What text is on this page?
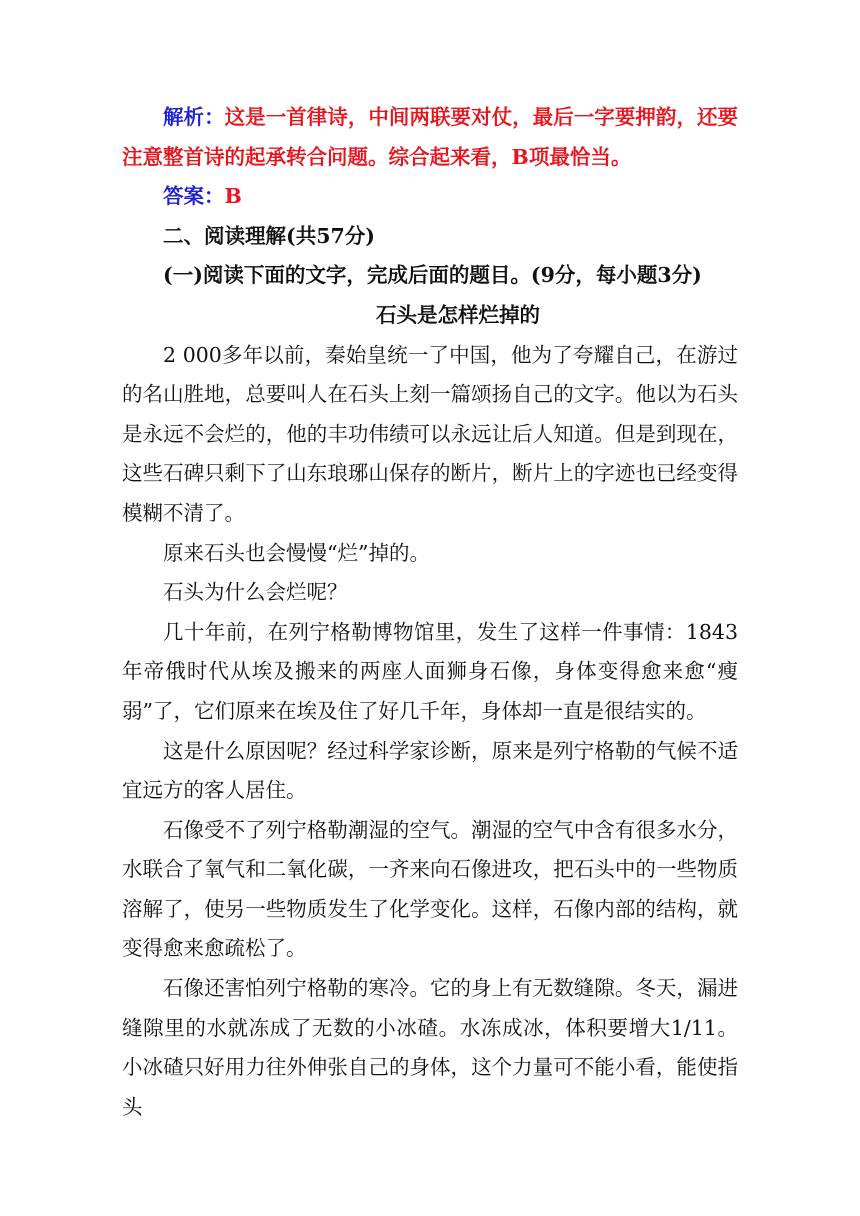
解析：这是一首律诗，中间两联要对仗，最后一字要押韵，还要注意整首诗的起承转合问题。综合起来看，B项最恰当。

答案：B

二、阅读理解(共57分)

(一)阅读下面的文字，完成后面的题目。(9分，每小题3分)

石头是怎样烂掉的

2 000多年以前，秦始皇统一了中国，他为了夸耀自己，在游过的名山胜地，总要叫人在石头上刻一篇颂扬自己的文字。他以为石头是永远不会烂的，他的丰功伟绩可以永远让后人知道。但是到现在，这些石碑只剩下了山东琅琊山保存的断片，断片上的字迹也已经变得模糊不清了。

原来石头也会慢慢“烂”掉的。

石头为什么会烂呢？

几十年前，在列宁格勒博物馆里，发生了这样一件事情：1843年帝俄时代从埃及搬来的两座人面狮身石像，身体变得愈来愈“瘦弱”了，它们原来在埃及住了好几千年，身体却一直是很结实的。

这是什么原因呢？经过科学家诊断，原来是列宁格勒的气候不适宜远方的客人居住。

石像受不了列宁格勒潮湿的空气。潮湿的空气中含有很多水分，水联合了氧气和二氧化碳，一齐来向石像进攻，把石头中的一些物质溶解了，使另一些物质发生了化学变化。这样，石像内部的结构，就变得愈来愈疏松了。

石像还害怕列宁格勒的寒冷。它的身上有无数缝隙。冬天，漏进缝隙里的水就冻成了无数的小冰碴。水冻成冰，体积要增大1/11。小冰碴只好用力往外伸张自己的身体，这个力量可不能小看，能使指头
